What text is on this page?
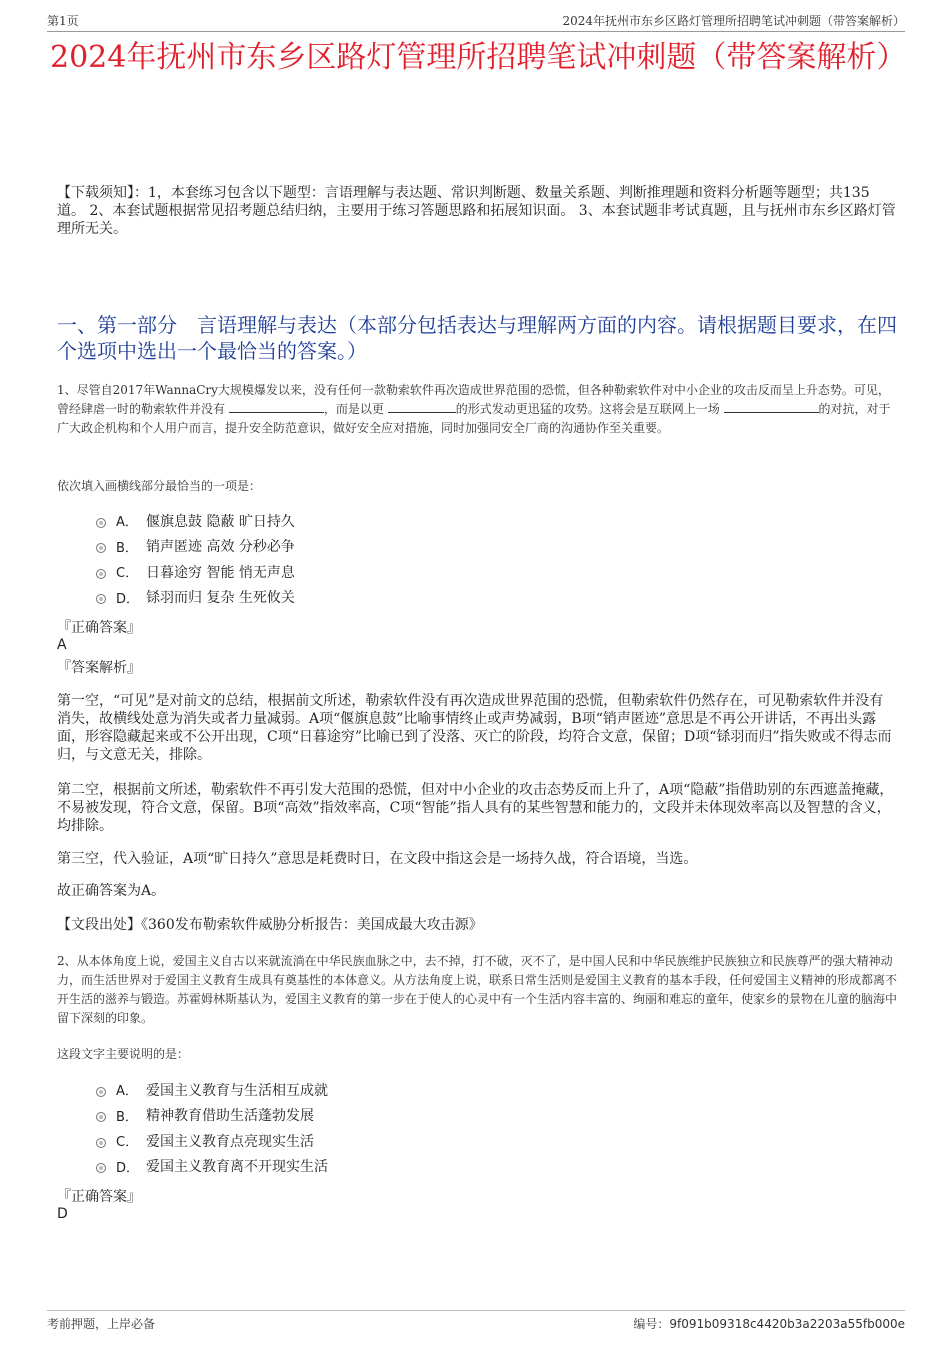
第1页	2024年抚州市东乡区路灯管理所招聘笔试冲刺题（带答案解析）
2024年抚州市东乡区路灯管理所招聘笔试冲刺题（带答案解析）
【下载须知】：1，本套练习包含以下题型：言语理解与表达题、常识判断题、数量关系题、判断推理题和资料分析题等题型；共135道。 2、本套试题根据常见招考题总结归纳，主要用于练习答题思路和拓展知识面。 3、本套试题非考试真题，且与抚州市东乡区路灯管理所无关。
一、第一部分　言语理解与表达（本部分包括表达与理解两方面的内容。请根据题目要求，在四个选项中选出一个最恰当的答案。）
1、尽管自2017年WannaCry大规模爆发以来，没有任何一款勒索软件再次造成世界范围的恐慌，但各种勒索软件对中小企业的攻击反而呈上升态势。可见，曾经肆虐一时的勒索软件并没有	，而是以更	的形式发动更迅猛的攻势。这将会是互联网上一场	的对抗，对于广大政企机构和个人用户而言，提升安全防范意识，做好安全应对措施，同时加强同安全厂商的沟通协作至关重要。
依次填入画横线部分最恰当的一项是：
A． 偃旗息鼓 隐蔽 旷日持久
B． 销声匿迹 高效 分秒必争
C． 日暮途穷 智能 悄无声息
D． 铩羽而归 复杂 生死攸关
『正确答案』
A
『答案解析』
第一空，“可见”是对前文的总结，根据前文所述，勒索软件没有再次造成世界范围的恐慌，但勒索软件仍然存在，可见勒索软件并没有消失，故横线处意为消失或者力量减弱。A项“偃旗息鼓”比喻事情终止或声势减弱，B项“销声匿迹”意思是不再公开讲话，不再出头露面，形容隐藏起来或不公开出现，C项“日暮途穷”比喻已到了没落、灭亡的阶段，均符合文意，保留；D项“铩羽而归”指失败或不得志而归，与文意无关，排除。
第二空，根据前文所述，勒索软件不再引发大范围的恐慌，但对中小企业的攻击态势反而上升了，A项“隐蔽”指借助别的东西遮盖掩藏，不易被发现，符合文意，保留。B项“高效”指效率高，C项“智能”指人具有的某些智慧和能力的，文段并未体现效率高以及智慧的含义，均排除。
第三空，代入验证，A项“旷日持久”意思是耗费时日，在文段中指这会是一场持久战，符合语境，当选。
故正确答案为A。
【文段出处】《360发布勒索软件威胁分析报告：美国成最大攻击源》
2、从本体角度上说，爱国主义自古以来就流淌在中华民族血脉之中，去不掉，打不破，灭不了，是中国人民和中华民族维护民族独立和民族尊严的强大精神动力，而生活世界对于爱国主义教育生成具有奠基性的本体意义。从方法角度上说，联系日常生活则是爱国主义教育的基本手段，任何爱国主义精神的形成都离不开生活的滋养与锻造。苏霍姆林斯基认为，爱国主义教育的第一步在于使人的心灵中有一个生活内容丰富的、绚丽和难忘的童年，使家乡的景物在儿童的脑海中留下深刻的印象。
这段文字主要说明的是：
A． 爱国主义教育与生活相互成就
B． 精神教育借助生活蓬勃发展
C． 爱国主义教育点亮现实生活
D． 爱国主义教育离不开现实生活
『正确答案』
D
考前押题，上岸必备	编号：9f091b09318c4420b3a2203a55fb000e
